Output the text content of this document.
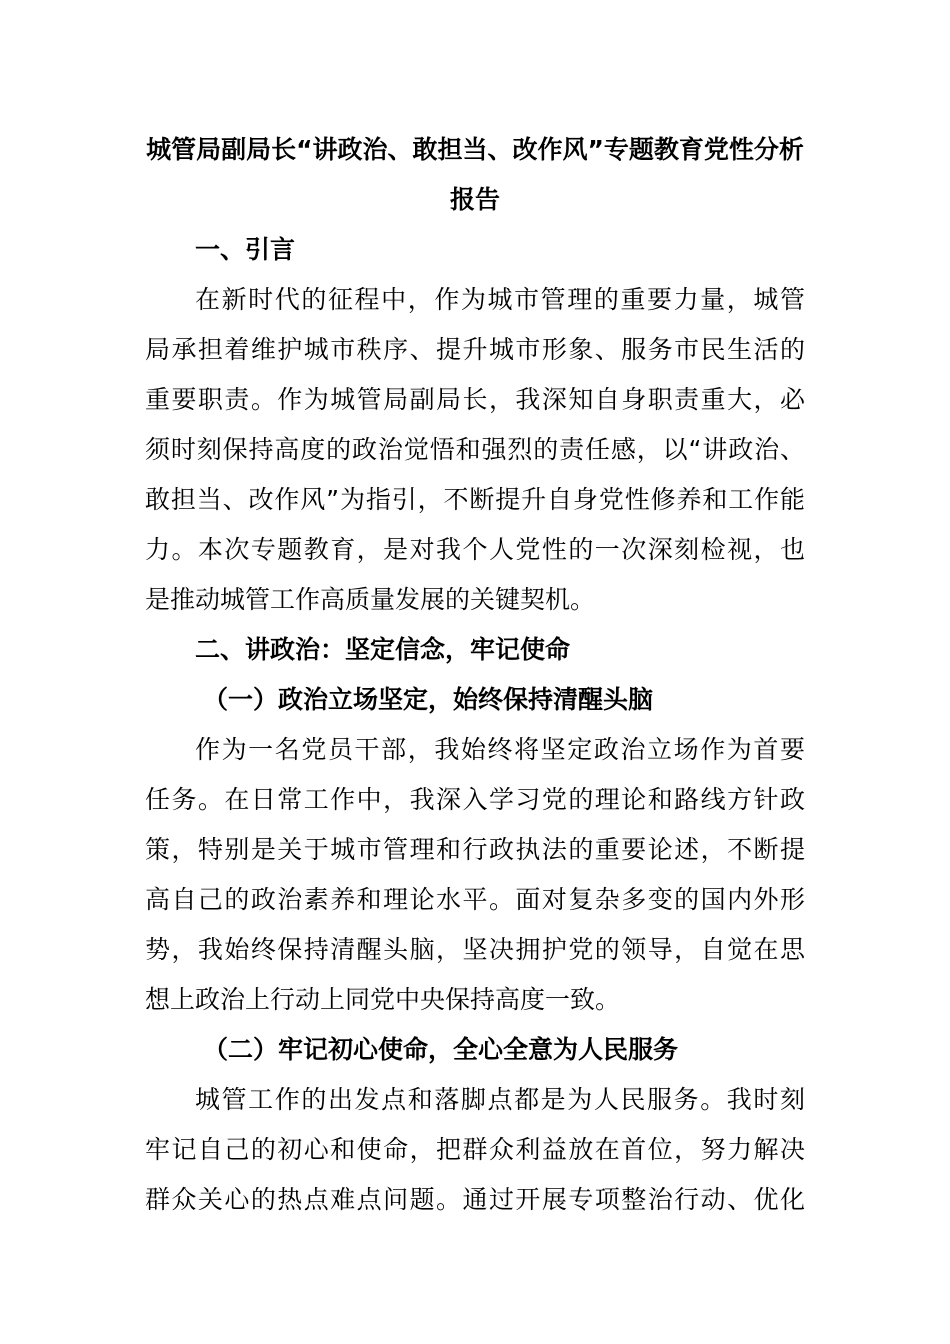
城管局副局长“讲政治、敢担当、改作风”专题教育党性分析

报告

一、引言

在新时代的征程中，作为城市管理的重要力量，城管

局承担着维护城市秩序、提升城市形象、服务市民生活的

重要职责。作为城管局副局长，我深知自身职责重大，必

须时刻保持高度的政治觉悟和强烈的责任感，以“讲政治、

敢担当、改作风”为指引，不断提升自身党性修养和工作能

力。本次专题教育，是对我个人党性的一次深刻检视，也

是推动城管工作高质量发展的关键契机。

二、讲政治：坚定信念，牢记使命

（一）政治立场坚定，始终保持清醒头脑

作为一名党员干部，我始终将坚定政治立场作为首要

任务。在日常工作中，我深入学习党的理论和路线方针政

策，特别是关于城市管理和行政执法的重要论述，不断提

高自己的政治素养和理论水平。面对复杂多变的国内外形

势，我始终保持清醒头脑，坚决拥护党的领导，自觉在思

想上政治上行动上同党中央保持高度一致。

（二）牢记初心使命，全心全意为人民服务

城管工作的出发点和落脚点都是为人民服务。我时刻

牢记自己的初心和使命，把群众利益放在首位，努力解决

群众关心的热点难点问题。通过开展专项整治行动、优化
